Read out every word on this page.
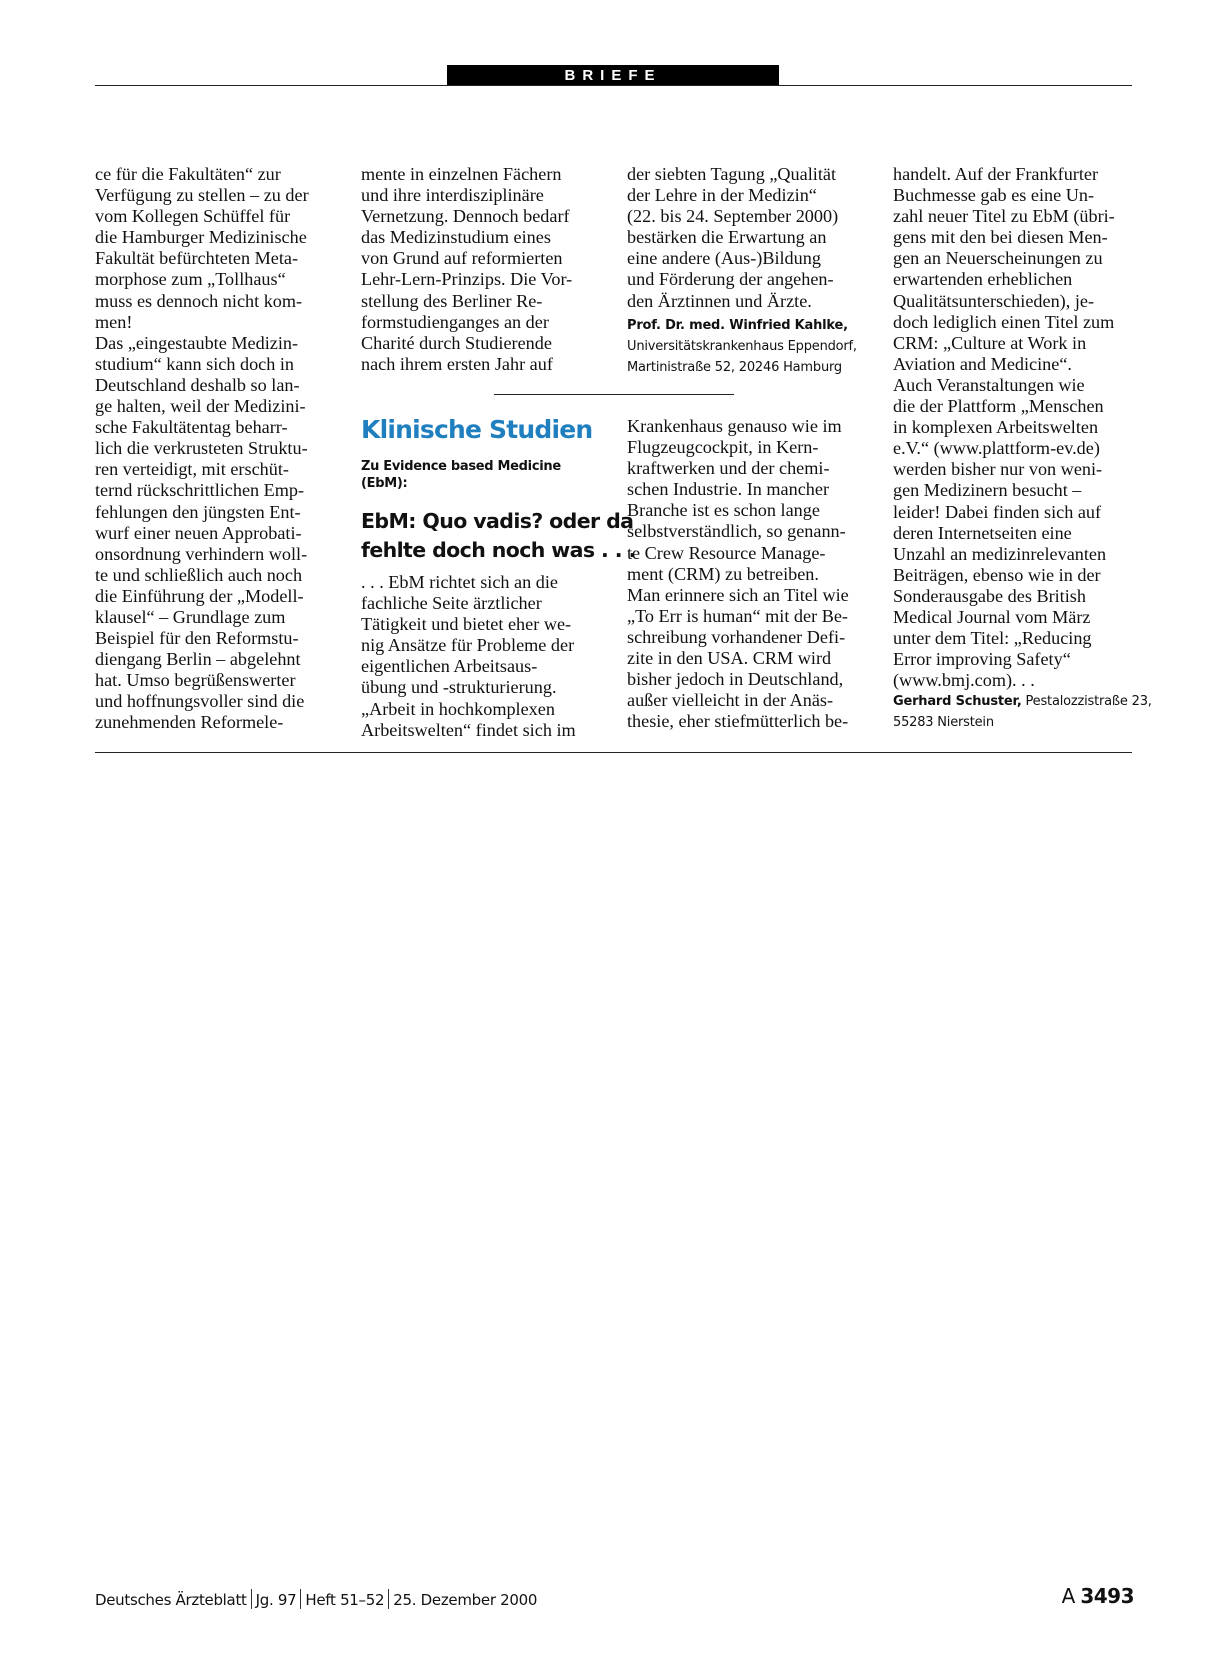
BRIEFE
ce für die Fakultäten“ zur
Verfügung zu stellen – zu der
vom Kollegen Schüffel für
die Hamburger Medizinische
Fakultät befürchteten Meta-
morphose zum „Tollhaus“
muss es dennoch nicht kom-
men!
Das „eingestaubte Medizin-
studium“ kann sich doch in
Deutschland deshalb so lan-
ge halten, weil der Medizini-
sche Fakultätentag beharr-
lich die verkrusteten Struktu-
ren verteidigt, mit erschüt-
ternd rückschrittlichen Emp-
fehlungen den jüngsten Ent-
wurf einer neuen Approbati-
onsordnung verhindern woll-
te und schließlich auch noch
die Einführung der „Modell-
klausel“ – Grundlage zum
Beispiel für den Reformstu-
diengang Berlin – abgelehnt
hat. Umso begrüßenswerter
und hoffnungsvoller sind die
zunehmenden Reformele-
mente in einzelnen Fächern
und ihre interdisziplinäre
Vernetzung. Dennoch bedarf
das Medizinstudium eines
von Grund auf reformierten
Lehr-Lern-Prinzips. Die Vor-
stellung des Berliner Re-
formstudienganges an der
Charité durch Studierende
nach ihrem ersten Jahr auf
der siebten Tagung „Qualität
der Lehre in der Medizin“
(22. bis 24. September 2000)
bestärken die Erwartung an
eine andere (Aus-)Bildung
und Förderung der angehen-
den Ärztinnen und Ärzte.
Prof. Dr. med. Winfried Kahlke,
Universitätskrankenhaus Eppendorf,
Martinistraße 52, 20246 Hamburg
Klinische Studien
Zu Evidence based Medicine (EbM):
EbM: Quo vadis? oder da
fehlte doch noch was . . .
. . . EbM richtet sich an die
fachliche Seite ärztlicher
Tätigkeit und bietet eher we-
nig Ansätze für Probleme der
eigentlichen Arbeitsaus-
übung und -strukturierung.
„Arbeit in hochkomplexen
Arbeitswelten“ findet sich im
Krankenhaus genauso wie im
Flugzeugcockpit, in Kern-
kraftwerken und der chemi-
schen Industrie. In mancher
Branche ist es schon lange
selbstverständlich, so genann-
te Crew Resource Manage-
ment (CRM) zu betreiben.
Man erinnere sich an Titel wie
„To Err is human“ mit der Be-
schreibung vorhandener Defi-
zite in den USA. CRM wird
bisher jedoch in Deutschland,
außer vielleicht in der Anäs-
thesie, eher stiefmütterlich be-
handelt. Auf der Frankfurter
Buchmesse gab es eine Un-
zahl neuer Titel zu EbM (übri-
gens mit den bei diesen Men-
gen an Neuerscheinungen zu
erwartenden erheblichen
Qualitätsunterschieden), je-
doch lediglich einen Titel zum
CRM: „Culture at Work in
Aviation and Medicine“.
Auch Veranstaltungen wie
die der Plattform „Menschen
in komplexen Arbeitswelten
e.V.“ (www.plattform-ev.de)
werden bisher nur von weni-
gen Medizinern besucht –
leider! Dabei finden sich auf
deren Internetseiten eine
Unzahl an medizinrelevanten
Beiträgen, ebenso wie in der
Sonderausgabe des British
Medical Journal vom März
unter dem Titel: „Reducing
Error improving Safety“
(www.bmj.com). . .
Gerhard Schuster, Pestalozzistraße 23,
55283 Nierstein
Deutsches Ärzteblatt Jg. 97 Heft 51–52 25. Dezember 2000	A 3493
